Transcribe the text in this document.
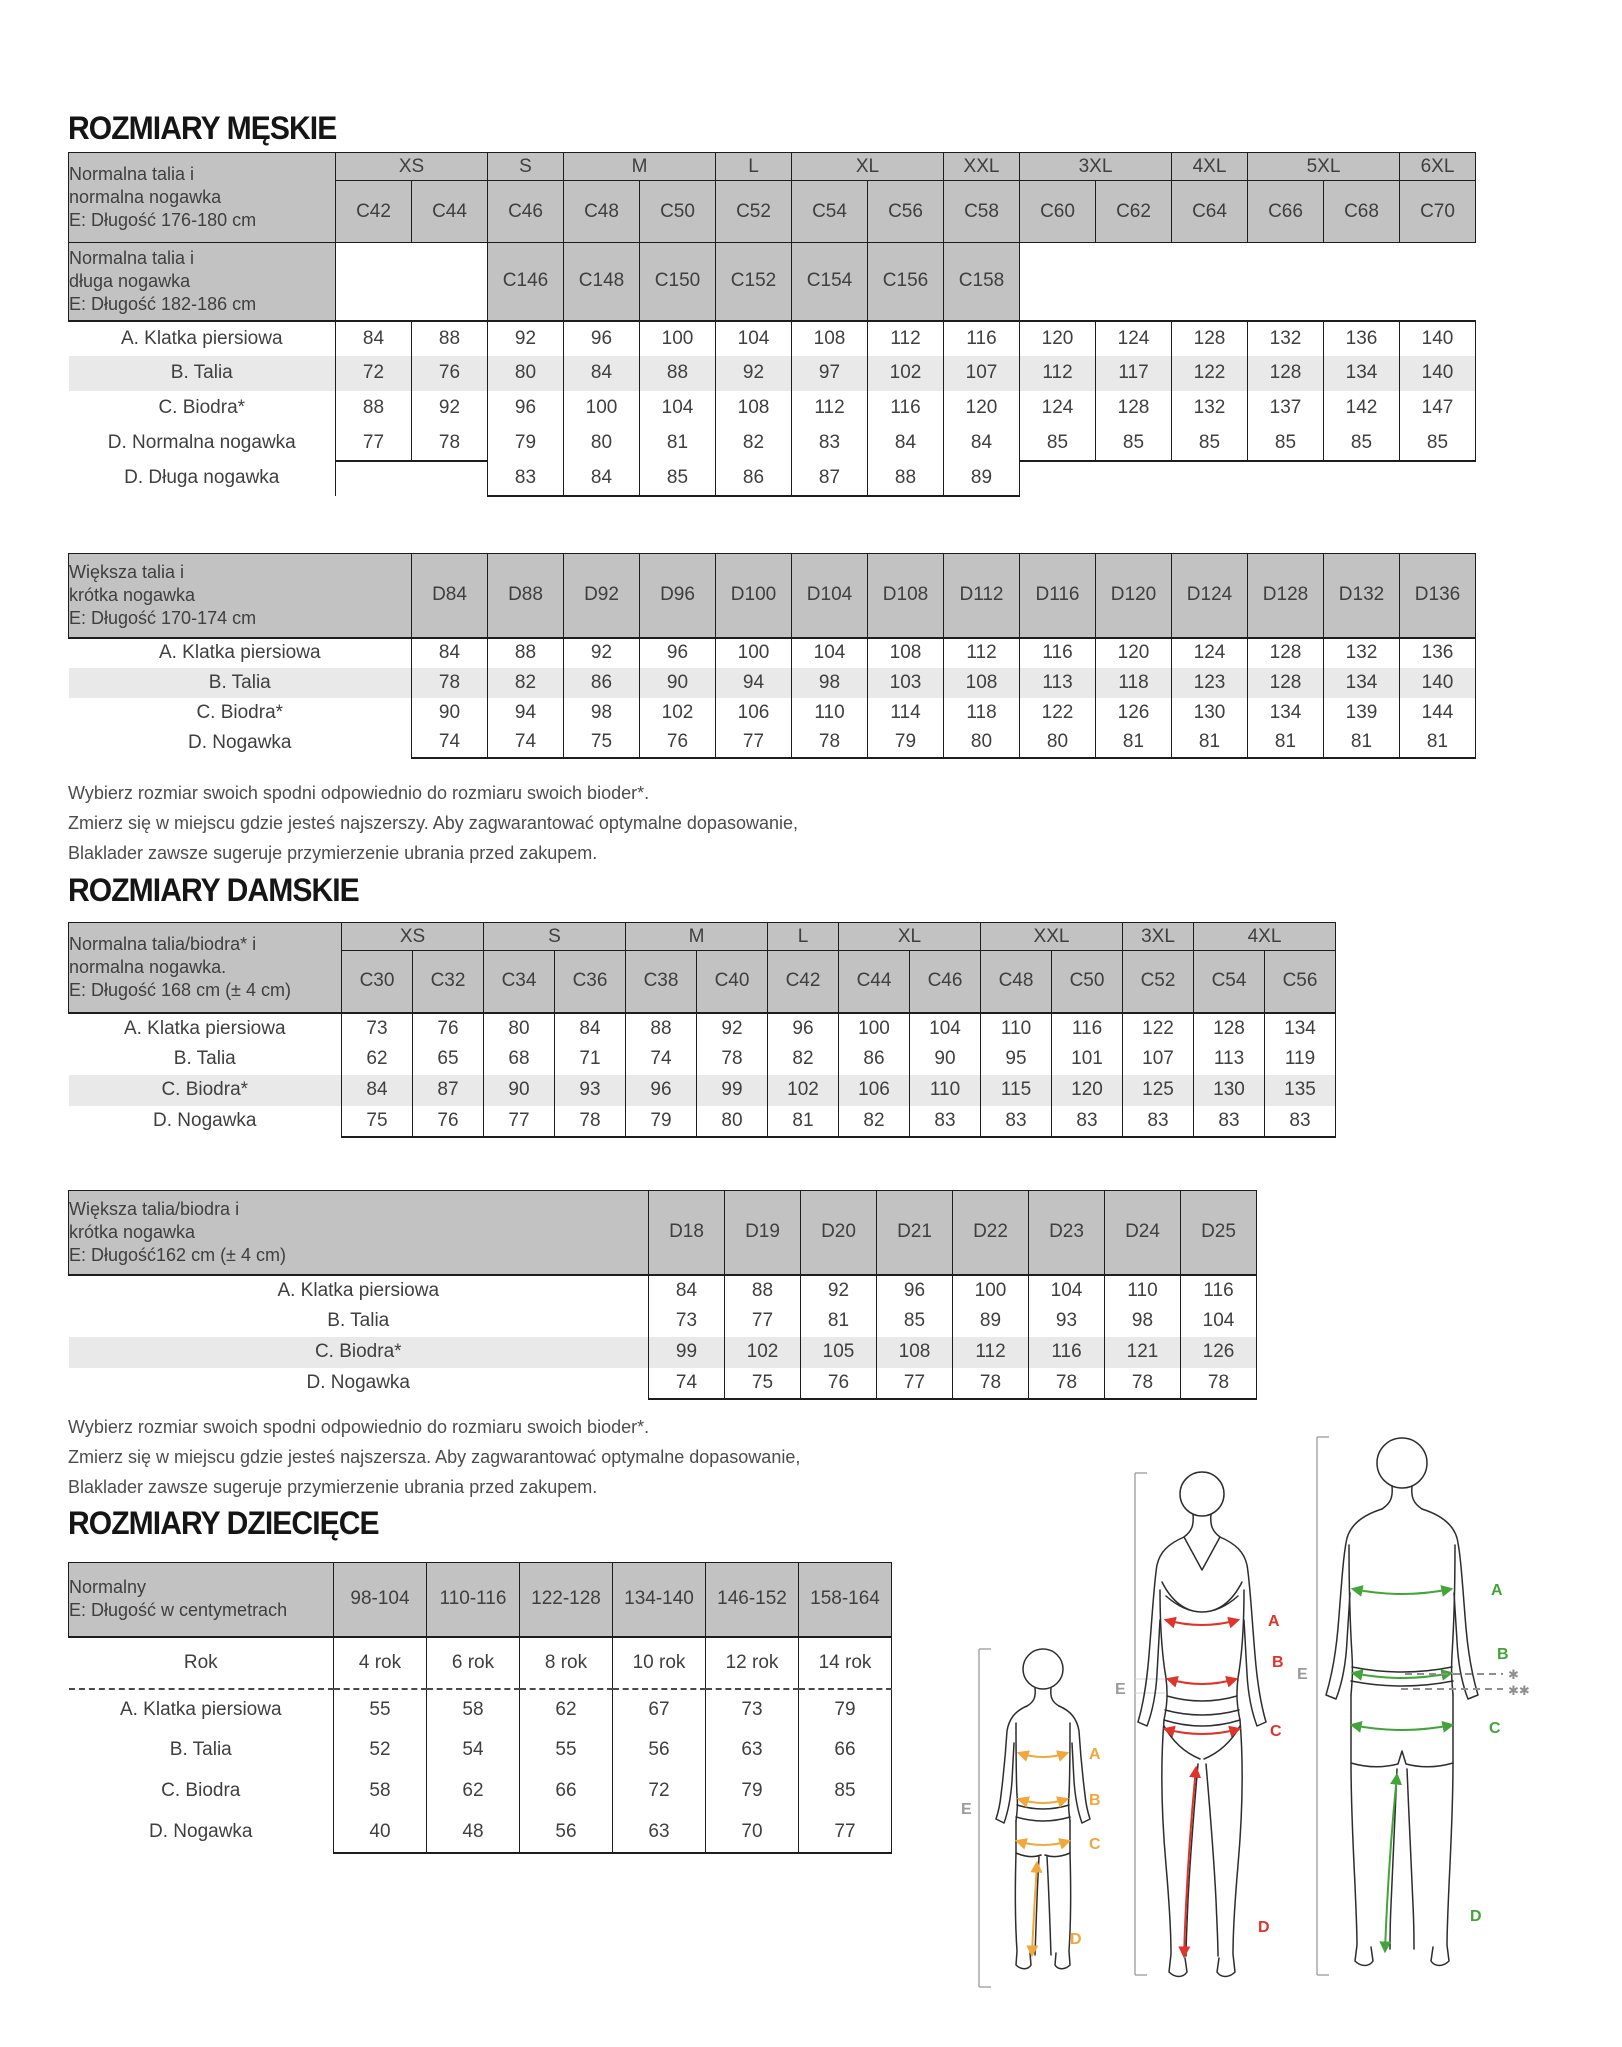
ROZMIARY MĘSKIE
Normalna talia i
normalna nogawka
E: Długość 176-180 cm	XS		S	M		L	XL		XXL	3XL		4XL	5XL		6XL
	C42	C44	C46	C48	C50	C52	C54	C56	C58	C60	C62	C64	C66	C68	C70

Normalna talia i
długa nogawka
E: Długość 182-186 cm			C146	C148	C150	C152	C154	C156	C158						
A. Klatka piersiowa	84	88	92	96	100	104	108	112	116	120	124	128	132	136	140
B. Talia	72	76	80	84	88	92	97	102	107	112	117	122	128	134	140
C. Biodra*	88	92	96	100	104	108	112	116	120	124	128	132	137	142	147
D. Normalna nogawka	77	78	79	80	81	82	83	84	84	85	85	85	85	85	85
D. Długa nogawka			83	84	85	86	87	88	89						
Większa talia i
krótka nogawka
E: Długość 170-174 cm	D84	D88	D92	D96	D100	D104	D108	D112	D116	D120	D124	D128	D132	D136
A. Klatka piersiowa	84	88	92	96	100	104	108	112	116	120	124	128	132	136
B. Talia	78	82	86	90	94	98	103	108	113	118	123	128	134	140
C. Biodra*	90	94	98	102	106	110	114	118	122	126	130	134	139	144
D. Nogawka	74	74	75	76	77	78	79	80	80	81	81	81	81	81
Wybierz rozmiar swoich spodni odpowiednio do rozmiaru swoich bioder*.
Zmierz się w miejscu gdzie jesteś najszerszy. Aby zagwarantować optymalne dopasowanie,
Blaklader zawsze sugeruje przymierzenie ubrania przed zakupem.
ROZMIARY DAMSKIE
Normalna talia/biodra* i
normalna nogawka.
E: Długość 168 cm (± 4 cm)	XS		S		M		L	XL		XXL		3XL	4XL	
	C30	C32	C34	C36	C38	C40	C42	C44	C46	C48	C50	C52	C54	C56
A. Klatka piersiowa	73	76	80	84	88	92	96	100	104	110	116	122	128	134
B. Talia	62	65	68	71	74	78	82	86	90	95	101	107	113	119
C. Biodra*	84	87	90	93	96	99	102	106	110	115	120	125	130	135
D. Nogawka	75	76	77	78	79	80	81	82	83	83	83	83	83	83
Większa talia/biodra i
krótka nogawka
E: Długość162 cm (± 4 cm)	D18	D19	D20	D21	D22	D23	D24	D25
A. Klatka piersiowa	84	88	92	96	100	104	110	116
B. Talia	73	77	81	85	89	93	98	104
C. Biodra*	99	102	105	108	112	116	121	126
D. Nogawka	74	75	76	77	78	78	78	78
Wybierz rozmiar swoich spodni odpowiednio do rozmiaru swoich bioder*.
Zmierz się w miejscu gdzie jesteś najszersza. Aby zagwarantować optymalne dopasowanie,
Blaklader zawsze sugeruje przymierzenie ubrania przed zakupem.
ROZMIARY DZIECIĘCE
Normalny
E: Długość w centymetrach	98-104	110-116	122-128	134-140	146-152	158-164
Rok	4 rok	6 rok	8 rok	10 rok	12 rok	14 rok
A. Klatka piersiowa	55	58	62	67	73	79
B. Talia	52	54	55	56	63	66
C. Biodra	58	62	66	72	79	85
D. Nogawka	40	48	56	63	70	77
E
E
E
A
B
C
D
A
B
C
D
A
B
C
D
✱
✱✱
